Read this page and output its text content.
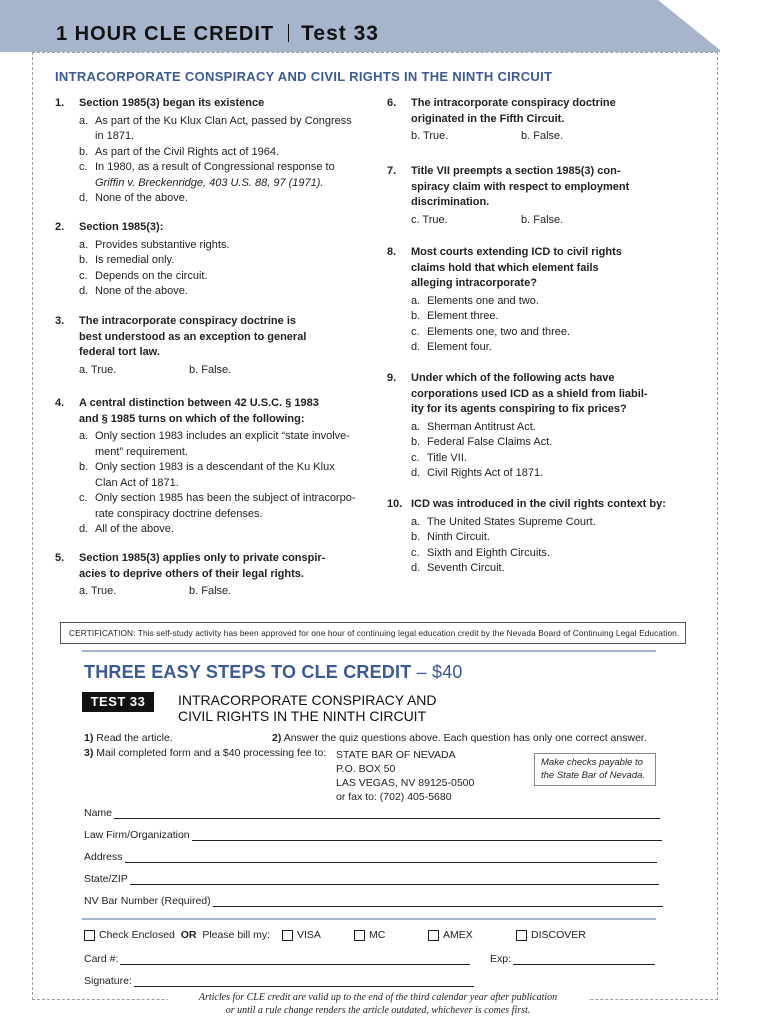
1 HOUR CLE CREDIT Test 33
INTRACORPORATE CONSPIRACY AND CIVIL RIGHTS IN THE NINTH CIRCUIT
1.	Section 1985(3) began its existence
a. As part of the Ku Klux Clan Act, passed by Congress
in 1871.
b. As part of the Civil Rights act of 1964.
c. In 1980, as a result of Congressional response to
Griffin v. Breckenridge, 403 U.S. 88, 97 (1971).
d. None of the above.
2.	Section 1985(3):
a. Provides substantive rights.
b. Is remedial only.
c. Depends on the circuit.
d. None of the above.
3.	The intracorporate conspiracy doctrine is
best understood as an exception to general
federal tort law.
a. True.	b. False.
4.	A central distinction between 42 U.S.C. § 1983
and § 1985 turns on which of the following:
a. Only section 1983 includes an explicit “state involve-
ment” requirement.
b. Only section 1983 is a descendant of the Ku Klux
Clan Act of 1871.
c. Only section 1985 has been the subject of intracorpo-
rate conspiracy doctrine defenses.
d. All of the above.
5.	Section 1985(3) applies only to private conspir-
acies to deprive others of their legal rights.
a. True.	b. False.
6.	The intracorporate conspiracy doctrine
originated in the Fifth Circuit.
b. True.	b. False.
7.	Title VII preempts a section 1985(3) con-
spiracy claim with respect to employment
discrimination.
c. True.	b. False.
8.	Most courts extending ICD to civil rights
claims hold that which element fails
alleging intracorporate?
a. Elements one and two.
b. Element three.
c. Elements one, two and three.
d. Element four.
9.	Under which of the following acts have
corporations used ICD as a shield from liabil-
ity for its agents conspiring to fix prices?
a. Sherman Antitrust Act.
b. Federal False Claims Act.
c. Title VII.
d. Civil Rights Act of 1871.
10. ICD was introduced in the civil rights context by:
a. The United States Supreme Court.
b. Ninth Circuit.
c. Sixth and Eighth Circuits.
d. Seventh Circuit.
CERTIFICATION: This self-study activity has been approved for one hour of continuing legal education credit by the Nevada Board of Continuing Legal Education.
THREE EASY STEPS TO CLE CREDIT – $40
TEST 33	INTRACORPORATE CONSPIRACY AND
CIVIL RIGHTS IN THE NINTH CIRCUIT
1) Read the article.	2) Answer the quiz questions above. Each question has only one correct answer.
3) Mail completed form and a $40 processing fee to: STATE BAR OF NEVADA
P.O. BOX 50
LAS VEGAS, NV 89125-0500
or fax to: (702) 405-5680
Make checks payable to
the State Bar of Nevada.
Name
Law Firm/Organization
Address
State/ZIP
NV Bar Number (Required)
Check Enclosed
OR
Please bill my:	VISA	MC	AMEX	DISCOVER
Card #:	Exp:
Signature:
Articles for CLE credit are valid up to the end of the third calendar year after publication
or until a rule change renders the article outdated, whichever is comes first.
